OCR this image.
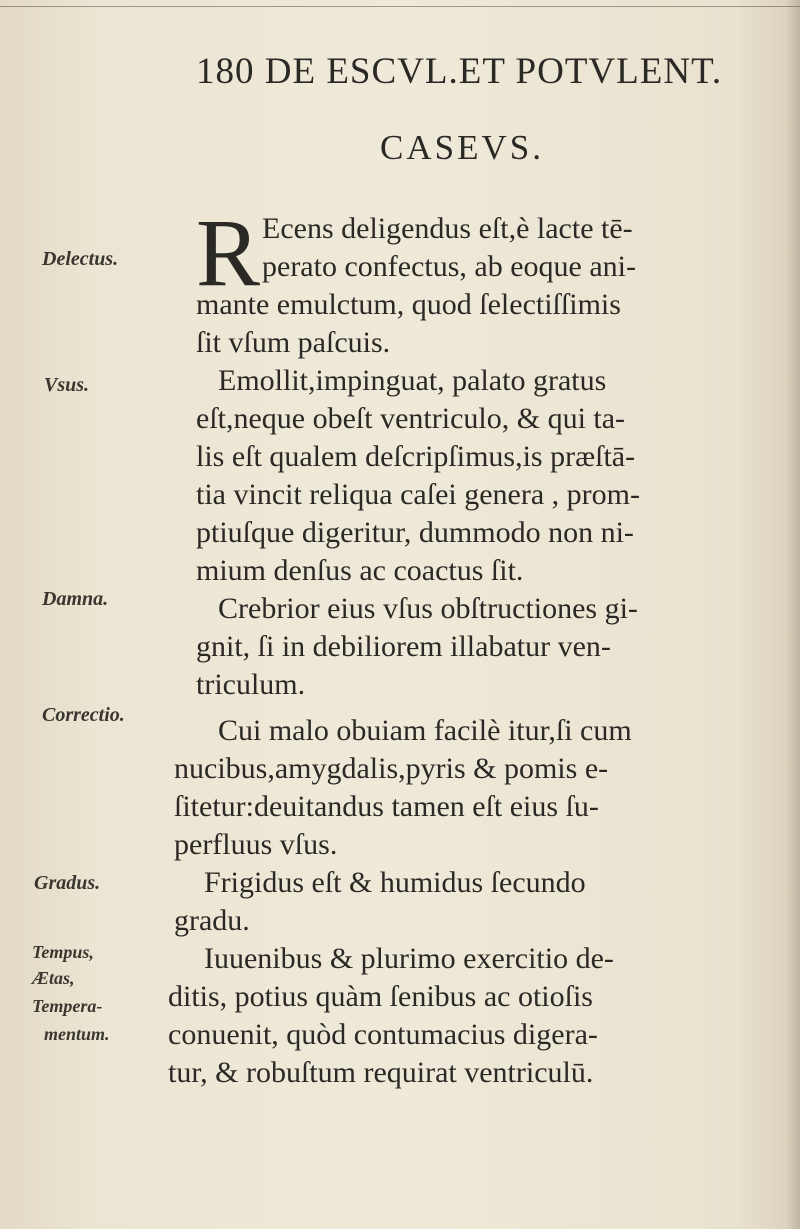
180 DE ESCVL.ET POTVLENT.
CASEVS.
Delectus.
Vsus.
Damna.
Correctio.
Gradus.
Tempus,
Ætas,
Tempera-
mentum.
R Ecens deligendus eſt,è lacte tē-
perato confectus, ab eoque ani-
mante emulctum, quod ſelectiſſimis
ſit vſum paſcuis.
Emollit,impinguat, palato gratus
eſt,neque obeſt ventriculo, & qui ta-
lis eſt qualem deſcripſimus,is præſtā-
tia vincit reliqua caſei genera , prom-
ptiuſque digeritur, dummodo non ni-
mium denſus ac coactus ſit.
Crebrior eius vſus obſtructiones gi-
gnit, ſi in debiliorem illabatur ven-
triculum.
Cui malo obuiam facilè itur,ſi cum
nucibus,amygdalis,pyris & pomis e-
ſitetur:deuitandus tamen eſt eius ſu-
perfluus vſus.
Frigidus eſt & humidus ſecundo
gradu.
Iuuenibus & plurimo exercitio de-
ditis, potius quàm ſenibus ac otioſis
conuenit, quòd contumacius digera-
tur, & robuſtum requirat ventriculū.
